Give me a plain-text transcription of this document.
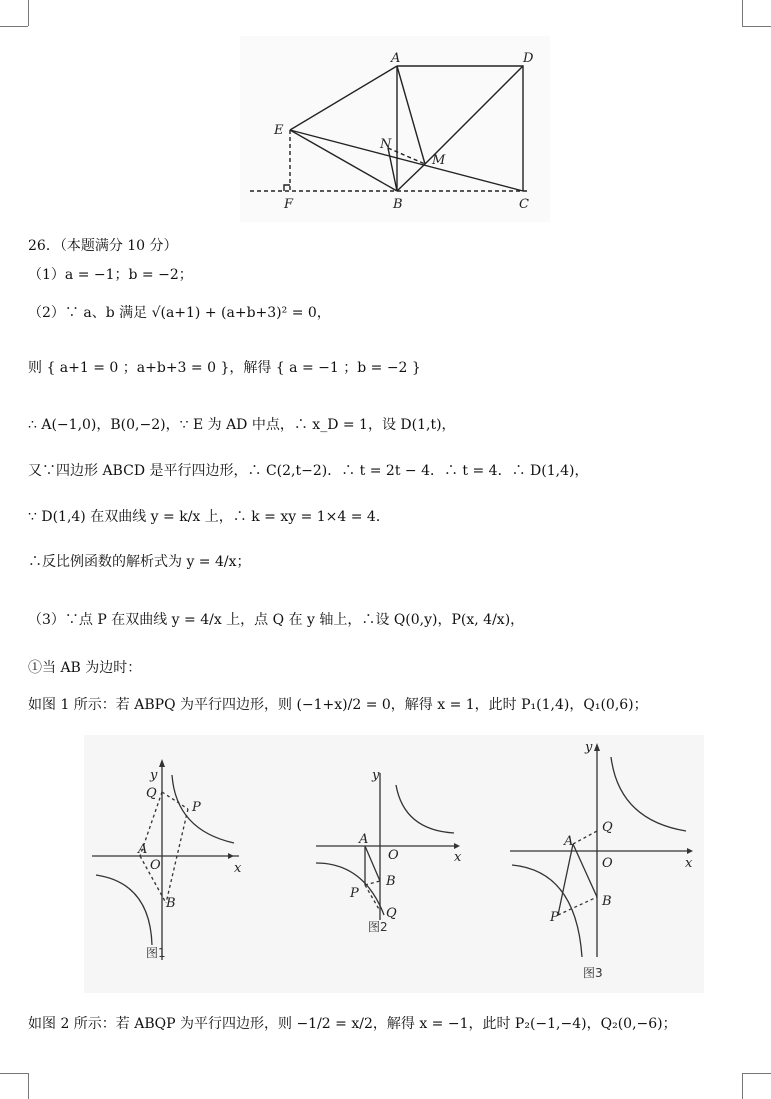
A	D
E
N
M
F	B	C
26．（本题满分 10 分）
（1）a = −1；b = −2；
（2）∵ a、b 满足 √(a+1) + (a+b+3)² = 0，
则 { a+1 = 0 ；a+b+3 = 0 }，解得 { a = −1 ；b = −2 }
∴ A(−1,0)，B(0,−2)，∵ E 为 AD 中点，∴ x_D = 1，设 D(1,t)，
又∵四边形 ABCD 是平行四边形，∴ C(2,t−2)．∴ t = 2t − 4．∴ t = 4．∴ D(1,4)，
∵ D(1,4) 在双曲线 y = k/x 上，∴ k = xy = 1×4 = 4．
∴反比例函数的解析式为 y = 4/x；
（3）∵点 P 在双曲线 y = 4/x 上，点 Q 在 y 轴上，∴设 Q(0,y)，P(x, 4/x)，
①当 AB 为边时：
如图 1 所示：若 ABPQ 为平行四边形，则 (−1+x)/2 = 0，解得 x = 1，此时 P₁(1,4)，Q₁(0,6)；
y
x
Q
P
A
O
B
图1
y
x
A
O
P
B
Q
图2
y
x
A
Q
O
P
B
图3
如图 2 所示：若 ABQP 为平行四边形，则 −1/2 = x/2，解得 x = −1，此时 P₂(−1,−4)，Q₂(0,−6)；
